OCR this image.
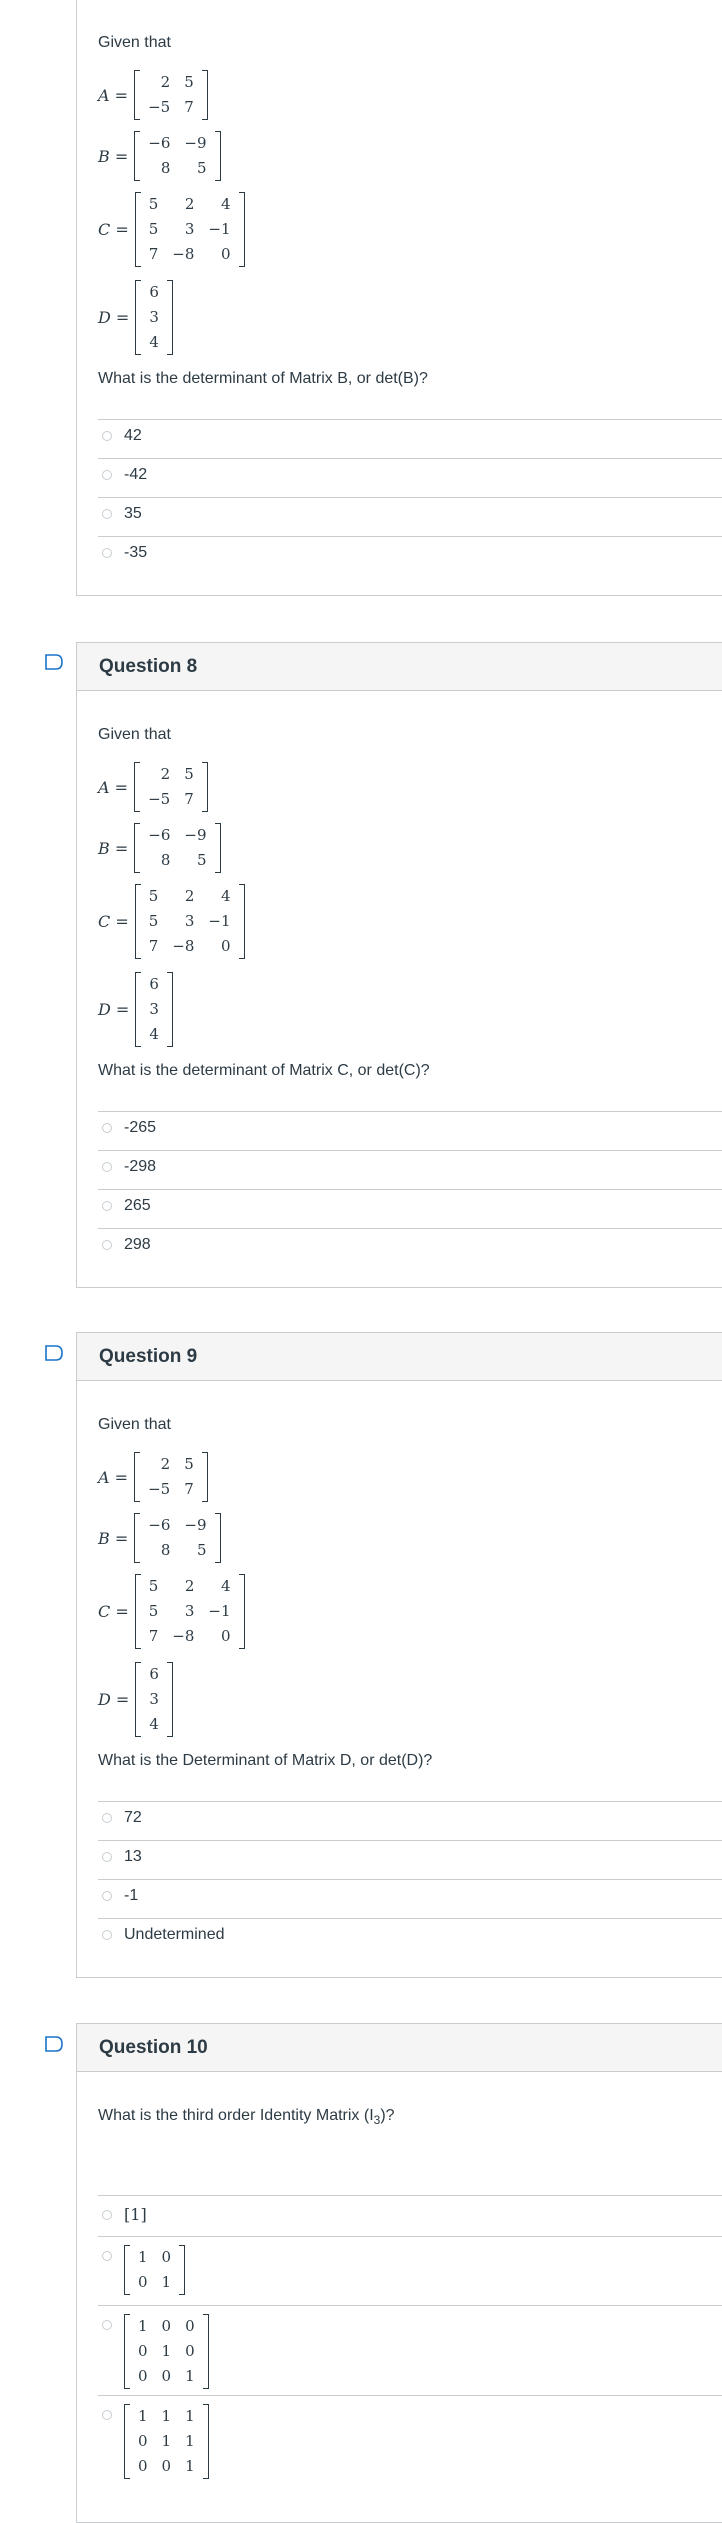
Given that
A =
2 5
−5 7
B =
−6 −9
8	5
C =
5	2	4
5	3 −1
7 −8	0
D =
6
3
4
What is the determinant of Matrix B, or det(B)?
42
-42
35
-35
Question 8
Given that
A =
2 5
−5 7
B =
−6 −9
8	5
C =
5	2	4
5	3 −1
7 −8	0
D =
6
3
4
What is the determinant of Matrix C, or det(C)?
-265
-298
265
298
Question 9
Given that
A =
2 5
−5 7
B =
−6 −9
8	5
C =
5	2	4
5	3 −1
7 −8	0
D =
6
3
4
What is the Determinant of Matrix D, or det(D)?
72
13
-1
Undetermined
Question 10
What is the third order Identity Matrix $(I_3)$?
[1]
1 0
0 1
1 0 0
0 1 0
0 0 1
1 1 1
0 1 1
0 0 1
